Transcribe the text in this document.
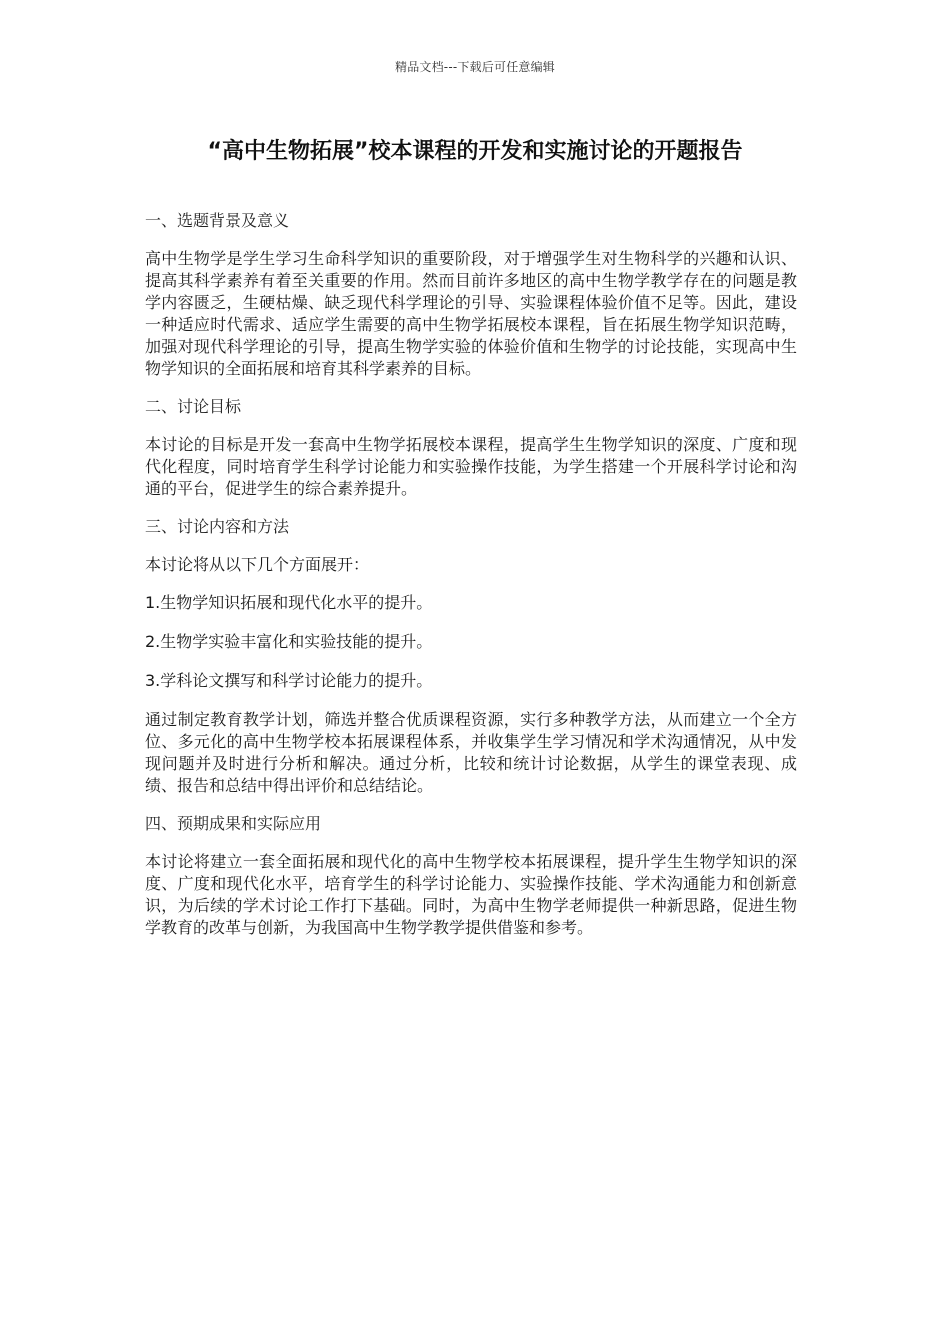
精品文档---下载后可任意编辑
“高中生物拓展”校本课程的开发和实施讨论的开题报告

一、选题背景及意义

高中生物学是学生学习生命科学知识的重要阶段，对于增强学生对生物科学的兴趣和认识、提高其科学素养有着至关重要的作用。然而目前许多地区的高中生物学教学存在的问题是教学内容匮乏，生硬枯燥、缺乏现代科学理论的引导、实验课程体验价值不足等。因此，建设一种适应时代需求、适应学生需要的高中生物学拓展校本课程，旨在拓展生物学知识范畴，加强对现代科学理论的引导，提高生物学实验的体验价值和生物学的讨论技能，实现高中生物学知识的全面拓展和培育其科学素养的目标。

二、讨论目标

本讨论的目标是开发一套高中生物学拓展校本课程，提高学生生物学知识的深度、广度和现代化程度，同时培育学生科学讨论能力和实验操作技能，为学生搭建一个开展科学讨论和沟通的平台，促进学生的综合素养提升。

三、讨论内容和方法

本讨论将从以下几个方面展开：

1.生物学知识拓展和现代化水平的提升。

2.生物学实验丰富化和实验技能的提升。

3.学科论文撰写和科学讨论能力的提升。

通过制定教育教学计划，筛选并整合优质课程资源，实行多种教学方法，从而建立一个全方位、多元化的高中生物学校本拓展课程体系，并收集学生学习情况和学术沟通情况，从中发现问题并及时进行分析和解决。通过分析，比较和统计讨论数据，从学生的课堂表现、成绩、报告和总结中得出评价和总结结论。

四、预期成果和实际应用

本讨论将建立一套全面拓展和现代化的高中生物学校本拓展课程，提升学生生物学知识的深度、广度和现代化水平，培育学生的科学讨论能力、实验操作技能、学术沟通能力和创新意识，为后续的学术讨论工作打下基础。同时，为高中生物学老师提供一种新思路，促进生物学教育的改革与创新，为我国高中生物学教学提供借鉴和参考。
